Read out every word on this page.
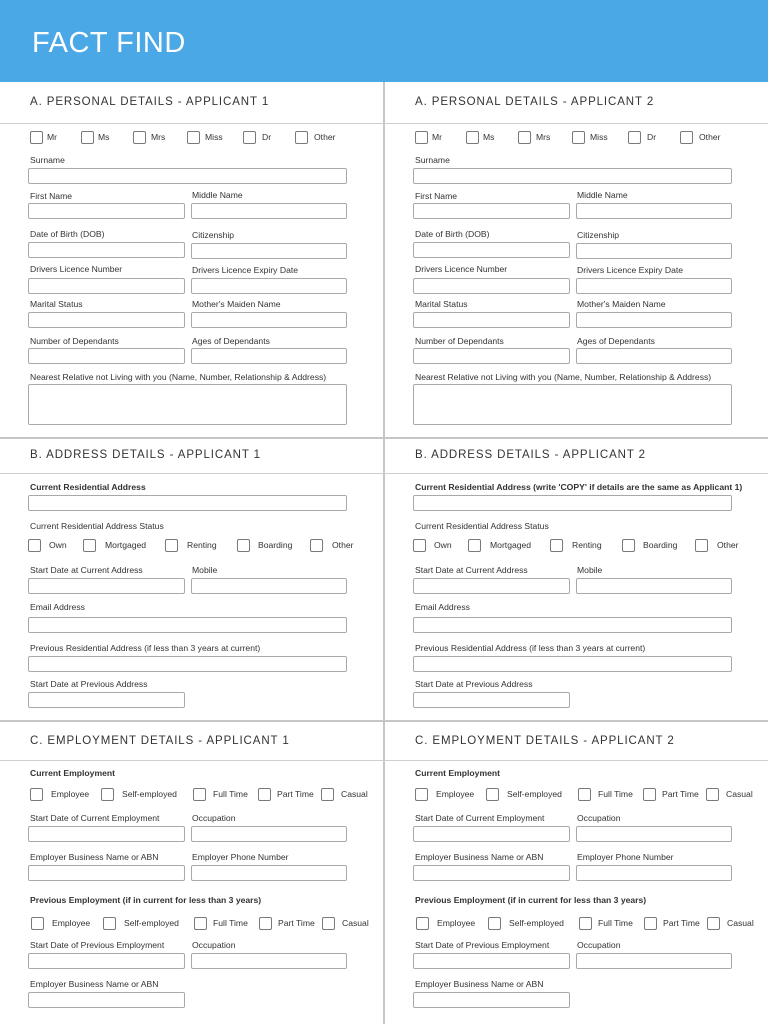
FACT FIND
A. PERSONAL DETAILS - APPLICANT 1
Mr	Ms	Mrs	Miss	Dr	Other
Surname
First Name	Middle Name
Date of Birth (DOB)	Citizenship
Drivers Licence Number	Drivers Licence Expiry Date
Marital Status	Mother's Maiden Name
Number of Dependants	Ages of Dependants
Nearest Relative not Living with you (Name, Number, Relationship & Address)
B. ADDRESS DETAILS - APPLICANT 1
Current Residential Address
Current Residential Address Status
Own	Mortgaged	Renting	Boarding	Other
Start Date at Current Address	Mobile
Email Address
Previous Residential Address (if less than 3 years at current)
Start Date at Previous Address
C. EMPLOYMENT DETAILS - APPLICANT 1
Current Employment
Employee	Self-employed	Full Time	Part Time	Casual
Start Date of Current Employment	Occupation
Employer Business Name or ABN	Employer Phone Number
Previous Employment (if in current for less than 3 years)
Employee	Self-employed	Full Time	Part Time	Casual
Start Date of Previous Employment	Occupation
Employer Business Name or ABN
A. PERSONAL DETAILS - APPLICANT 2
Mr	Ms	Mrs	Miss	Dr	Other
Surname
First Name	Middle Name
Date of Birth (DOB)	Citizenship
Drivers Licence Number	Drivers Licence Expiry Date
Marital Status	Mother's Maiden Name
Number of Dependants	Ages of Dependants
Nearest Relative not Living with you (Name, Number, Relationship & Address)
B. ADDRESS DETAILS - APPLICANT 2
Current Residential Address (write 'COPY' if details are the same as Applicant 1)
Current Residential Address Status
Own	Mortgaged	Renting	Boarding	Other
Start Date at Current Address	Mobile
Email Address
Previous Residential Address (if less than 3 years at current)
Start Date at Previous Address
C. EMPLOYMENT DETAILS - APPLICANT 2
Current Employment
Employee	Self-employed	Full Time	Part Time	Casual
Start Date of Current Employment	Occupation
Employer Business Name or ABN	Employer Phone Number
Previous Employment (if in current for less than 3 years)
Employee	Self-employed	Full Time	Part Time	Casual
Start Date of Previous Employment	Occupation
Employer Business Name or ABN
